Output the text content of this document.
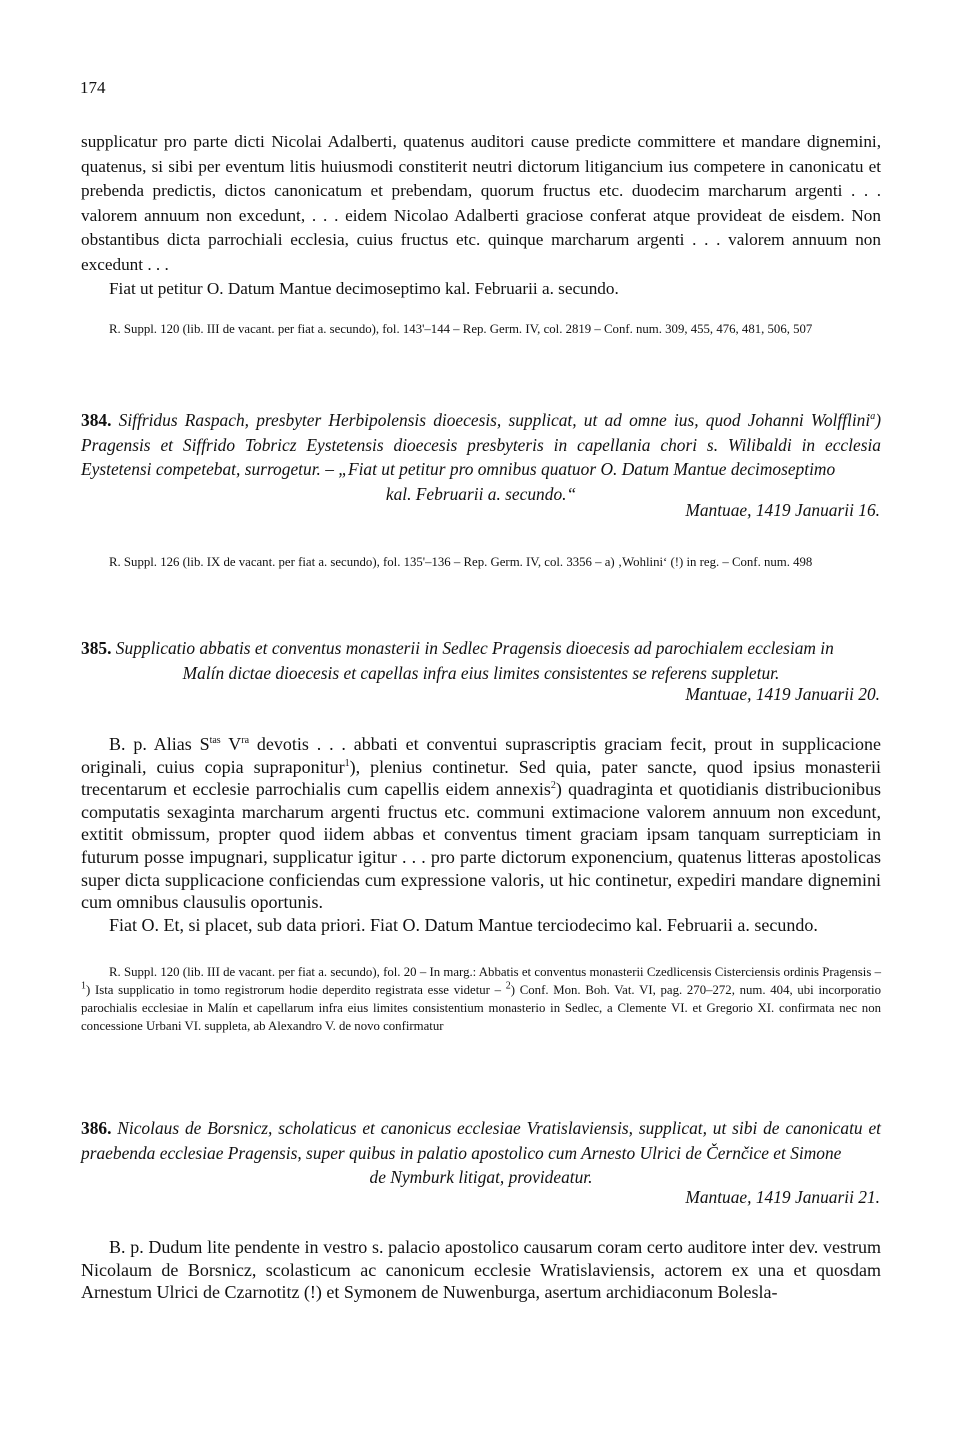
174

supplicatur pro parte dicti Nicolai Adalberti, quatenus auditori cause predicte committere et mandare dignemini, quatenus, si sibi per eventum litis huiusmodi constiterit neutri dictorum litigancium ius competere in canonicatu et prebenda predictis, dictos canonicatum et prebendam, quorum fructus etc. duodecim marcharum argenti . . . valorem annuum non excedunt, . . . eidem Nicolao Adalberti graciose conferat atque provideat de eisdem. Non obstantibus dicta parrochiali ecclesia, cuius fructus etc. quinque marcharum argenti . . . valorem annuum non excedunt . . .

Fiat ut petitur O. Datum Mantue decimoseptimo kal. Februarii a. secundo.

R. Suppl. 120 (lib. III de vacant. per fiat a. secundo), fol. 143'–144 – Rep. Germ. IV, col. 2819 – Conf. num. 309, 455, 476, 481, 506, 507
384. Siffridus Raspach, presbyter Herbipolensis dioecesis, supplicat, ut ad omne ius, quod Johanni Wolfflini$^a$) Pragensis et Siffrido Tobricz Eystetensis dioecesis presbyteris in capellania chori s. Wilibaldi in ecclesia Eystetensi competebat, surrogetur. – „Fiat ut petitur pro omnibus quatuor O. Datum Mantue decimoseptimo
kal. Februarii a. secundo.“
Mantuae, 1419 Januarii 16.
R. Suppl. 126 (lib. IX de vacant. per fiat a. secundo), fol. 135'–136 – Rep. Germ. IV, col. 3356 – a) ‚Wohlini‘ (!) in reg. – Conf. num. 498
385. Supplicatio abbatis et conventus monasterii in Sedlec Pragensis dioecesis ad parochialem ecclesiam in
Malín dictae dioecesis et capellas infra eius limites consistentes se referens suppletur.
Mantuae, 1419 Januarii 20.

B. p. Alias $S^{tas}$ $V^{ra}$ devotis . . . abbati et conventui suprascriptis graciam fecit, prout in supplicacione originali, cuius copia supraponitur$^1$), plenius continetur. Sed quia, pater sancte, quod ipsius monasterii trecentarum et ecclesie parrochialis cum capellis eidem annexis$^2$) quadraginta et quotidianis distribucionibus computatis sexaginta marcharum argenti fructus etc. communi extimacione valorem annuum non excedunt, extitit obmissum, propter quod iidem abbas et conventus timent graciam ipsam tanquam surrepticiam in futurum posse impugnari, supplicatur igitur . . . pro parte dictorum exponencium, quatenus litteras apostolicas super dicta supplicacione conficiendas cum expressione valoris, ut hic continetur, expediri mandare dignemini cum omnibus clausulis oportunis.

Fiat O. Et, si placet, sub data priori. Fiat O. Datum Mantue terciodecimo kal. Februarii a. secundo.

R. Suppl. 120 (lib. III de vacant. per fiat a. secundo), fol. 20 – In marg.: Abbatis et conventus monasterii Czedlicensis Cisterciensis ordinis Pragensis – $^1$) Ista supplicatio in tomo registrorum hodie deperdito registrata esse videtur – $^2$) Conf. Mon. Boh. Vat. VI, pag. 270–272, num. 404, ubi incorporatio parochialis ecclesiae in Malín et capellarum infra eius limites consistentium monasterio in Sedlec, a Clemente VI. et Gregorio XI. confirmata nec non concessione Urbani VI. suppleta, ab Alexandro V. de novo confirmatur
386. Nicolaus de Borsnicz, scholaticus et canonicus ecclesiae Vratislaviensis, supplicat, ut sibi de canonicatu et praebenda ecclesiae Pragensis, super quibus in palatio apostolico cum Arnesto Ulrici de Černčice et Simone
de Nymburk litigat, provideatur.
Mantuae, 1419 Januarii 21.

B. p. Dudum lite pendente in vestro s. palacio apostolico causarum coram certo auditore inter dev. vestrum Nicolaum de Borsnicz, scolasticum ac canonicum ecclesie Wratislaviensis, actorem ex una et quosdam Arnestum Ulrici de Czarnotitz (!) et Symonem de Nuwenburga, asertum archidiaconum Bolesla-
